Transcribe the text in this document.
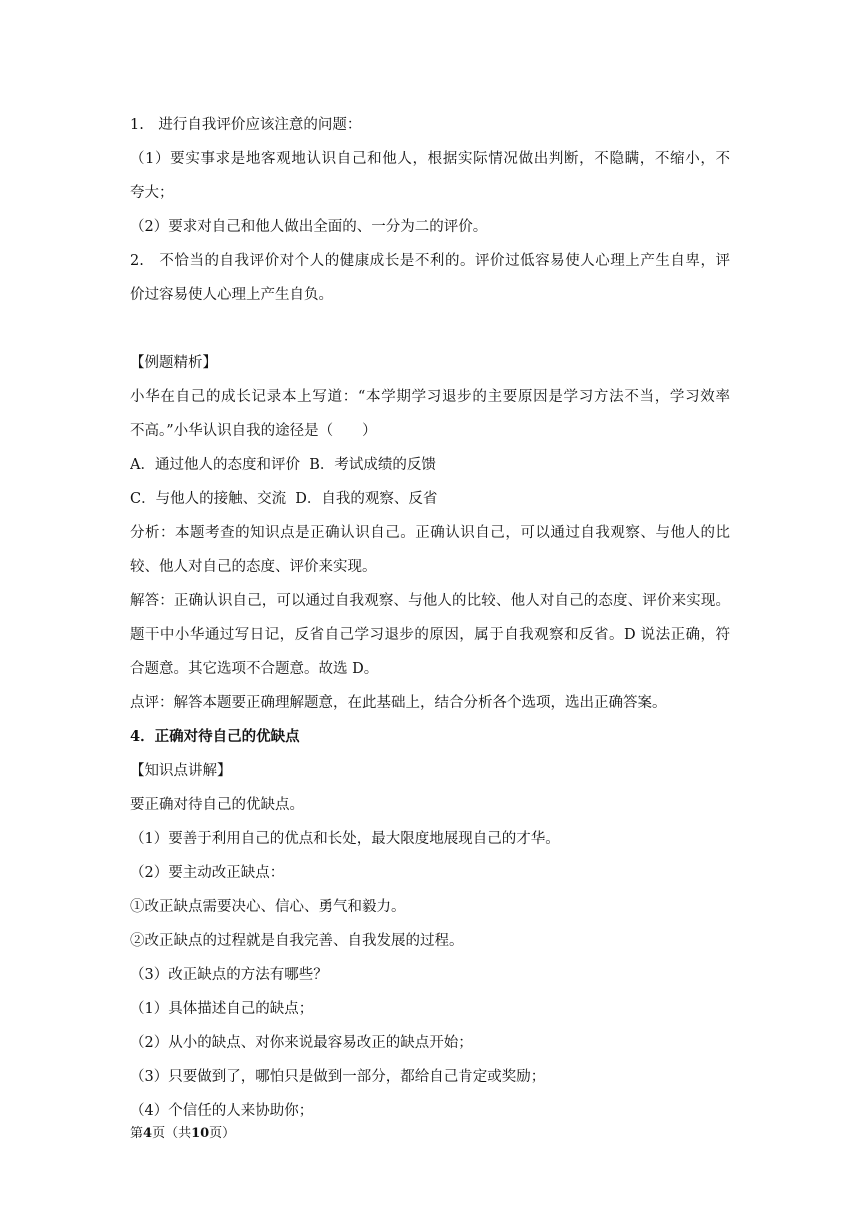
1.　进行自我评价应该注意的问题：
（1）要实事求是地客观地认识自己和他人，根据实际情况做出判断，不隐瞒，不缩小，不
夸大；
（2）要求对自己和他人做出全面的、一分为二的评价。
2.　不恰当的自我评价对个人的健康成长是不利的。评价过低容易使人心理上产生自卑，评
价过容易使人心理上产生自负。
【例题精析】
小华在自己的成长记录本上写道：“本学期学习退步的主要原因是学习方法不当，学习效率
不高。”小华认识自我的途径是（　　）
A．通过他人的态度和评价  B．考试成绩的反馈
C．与他人的接触、交流  D．自我的观察、反省
分析：本题考查的知识点是正确认识自己。正确认识自己，可以通过自我观察、与他人的比
较、他人对自己的态度、评价来实现。
解答：正确认识自己，可以通过自我观察、与他人的比较、他人对自己的态度、评价来实现。
题干中小华通过写日记，反省自己学习退步的原因，属于自我观察和反省。D 说法正确，符
合题意。其它选项不合题意。故选 D。
点评：解答本题要正确理解题意，在此基础上，结合分析各个选项，选出正确答案。
4．正确对待自己的优缺点
【知识点讲解】
要正确对待自己的优缺点。
（1）要善于利用自己的优点和长处，最大限度地展现自己的才华。
（2）要主动改正缺点：
①改正缺点需要决心、信心、勇气和毅力。
②改正缺点的过程就是自我完善、自我发展的过程。
（3）改正缺点的方法有哪些？
（1）具体描述自己的缺点；
（2）从小的缺点、对你来说最容易改正的缺点开始；
（3）只要做到了，哪怕只是做到一部分，都给自己肯定或奖励；
（4）个信任的人来协助你；
第4页（共10页）
